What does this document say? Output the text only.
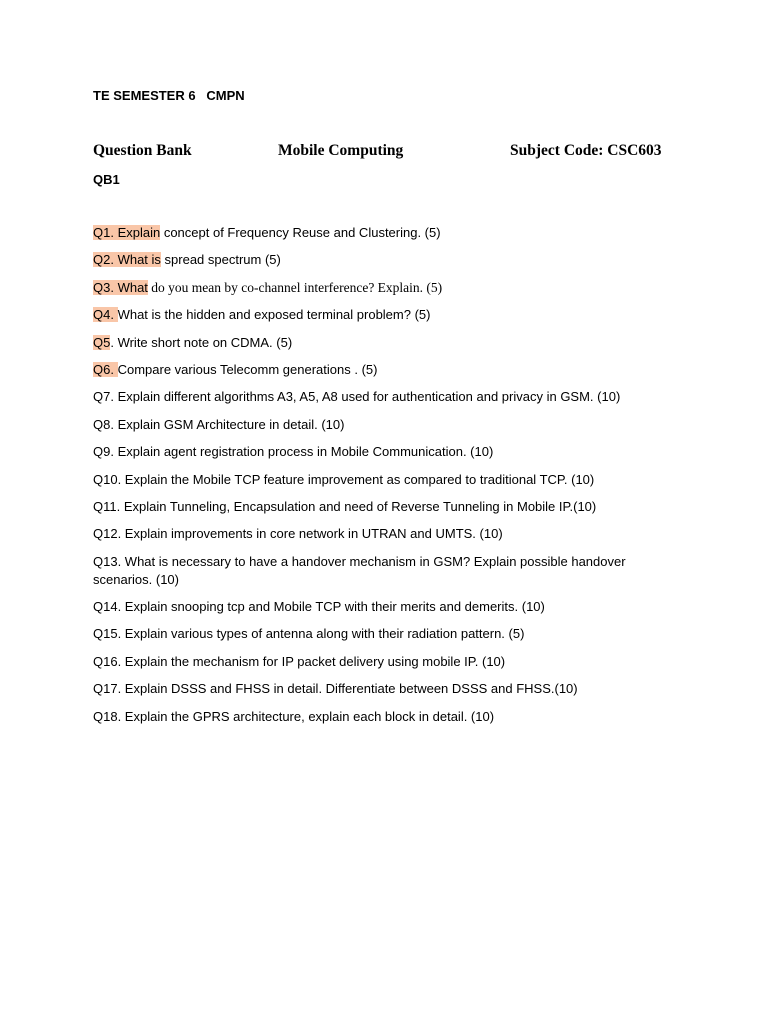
TE SEMESTER 6   CMPN
Question Bank	Mobile Computing	Subject Code: CSC603
QB1
Q1. Explain concept of Frequency Reuse and Clustering. (5)
Q2. What is spread spectrum (5)
Q3. What do you mean by co-channel interference? Explain. (5)
Q4. What is the hidden and exposed terminal problem? (5)
Q5. Write short note on CDMA. (5)
Q6. Compare various Telecomm generations . (5)
Q7. Explain different algorithms A3, A5, A8 used for authentication and privacy in GSM. (10)
Q8. Explain GSM Architecture in detail. (10)
Q9. Explain agent registration process in Mobile Communication. (10)
Q10. Explain the Mobile TCP feature improvement as compared to traditional TCP. (10)
Q11. Explain Tunneling, Encapsulation and need of Reverse Tunneling in Mobile IP.(10)
Q12. Explain improvements in core network in UTRAN and UMTS. (10)
Q13. What is necessary to have a handover mechanism in GSM? Explain possible handover scenarios. (10)
Q14. Explain snooping tcp and Mobile TCP with their merits and demerits. (10)
Q15. Explain various types of antenna along with their radiation pattern. (5)
Q16. Explain the mechanism for IP packet delivery using mobile IP. (10)
Q17. Explain DSSS and FHSS in detail. Differentiate between DSSS and FHSS.(10)
Q18. Explain the GPRS architecture, explain each block in detail. (10)
